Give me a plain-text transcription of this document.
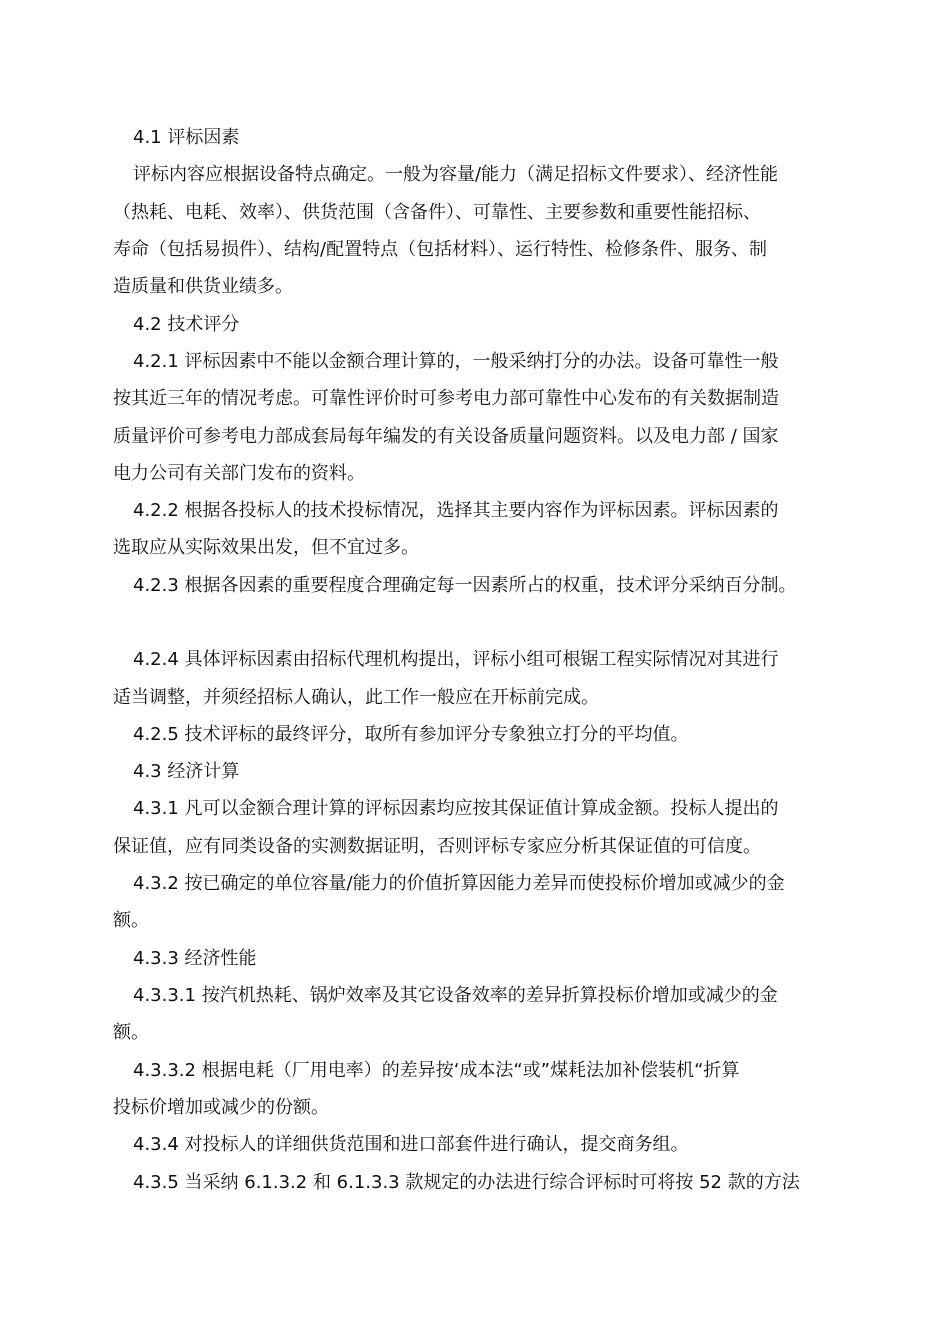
4.1 评标因素
评标内容应根据设备特点确定。一般为容量/能力（满足招标文件要求）、经济性能
（热耗、电耗、效率）、供货范围（含备件）、可靠性、主要参数和重要性能招标、
寿命（包括易损件）、结构/配置特点（包括材料）、运行特性、检修条件、服务、制
造质量和供货业绩多。
4.2 技术评分
4.2.1 评标因素中不能以金额合理计算的，一般采纳打分的办法。设备可靠性一般
按其近三年的情况考虑。可靠性评价时可参考电力部可靠性中心发布的有关数据制造
质量评价可参考电力部成套局每年编发的有关设备质量问题资料。以及电力部 / 国家
电力公司有关部门发布的资料。
4.2.2 根据各投标人的技术投标情况，选择其主要内容作为评标因素。评标因素的
选取应从实际效果出发，但不宜过多。
4.2.3 根据各因素的重要程度合理确定每一因素所占的权重，技术评分采纳百分制。
4.2.4 具体评标因素由招标代理机构提出，评标小组可根锯工程实际情况对其进行
适当调整，并须经招标人确认，此工作一般应在开标前完成。
4.2.5 技术评标的最终评分，取所有参加评分专象独立打分的平均值。
4.3 经济计算
4.3.1 凡可以金额合理计算的评标因素均应按其保证值计算成金额。投标人提出的
保证值，应有同类设备的实测数据证明，否则评标专家应分析其保证值的可信度。
4.3.2 按已确定的单位容量/能力的价值折算因能力差异而使投标价增加或减少的金
额。
4.3.3 经济性能
4.3.3.1 按汽机热耗、锅炉效率及其它设备效率的差异折算投标价增加或减少的金
额。
4.3.3.2 根据电耗（厂用电率）的差异按‘成本法“或”煤耗法加补偿装机“折算
投标价增加或减少的份额。
4.3.4 对投标人的详细供货范围和进口部套件进行确认，提交商务组。
4.3.5 当采纳 6.1.3.2 和 6.1.3.3 款规定的办法进行综合评标时可将按 52 款的方法
